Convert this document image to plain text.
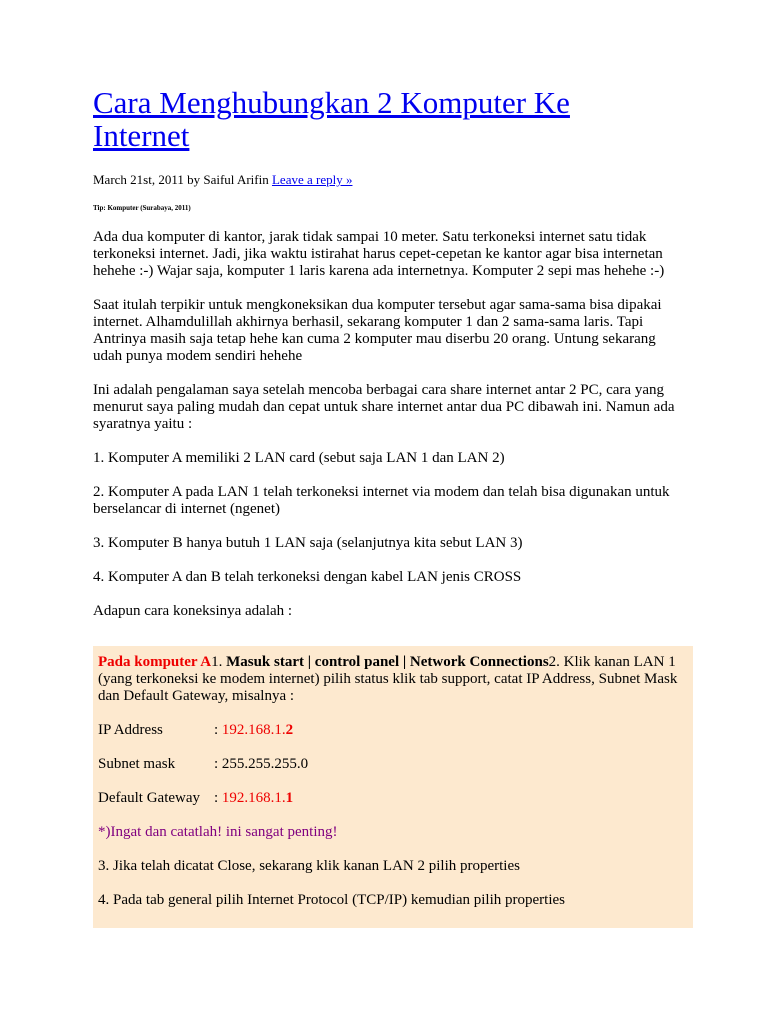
Cara Menghubungkan 2 Komputer Ke Internet
March 21st, 2011 by Saiful Arifin Leave a reply »
Tip: Komputer (Surabaya, 2011)

Ada dua komputer di kantor, jarak tidak sampai 10 meter. Satu terkoneksi internet satu tidak terkoneksi internet. Jadi, jika waktu istirahat harus cepet-cepetan ke kantor agar bisa internetan hehehe :-) Wajar saja, komputer 1 laris karena ada internetnya. Komputer 2 sepi mas hehehe :-)

Saat itulah terpikir untuk mengkoneksikan dua komputer tersebut agar sama-sama bisa dipakai internet. Alhamdulillah akhirnya berhasil, sekarang komputer 1 dan 2 sama-sama laris. Tapi Antrinya masih saja tetap hehe kan cuma 2 komputer mau diserbu 20 orang. Untung sekarang udah punya modem sendiri hehehe

Ini adalah pengalaman saya setelah mencoba berbagai cara share internet antar 2 PC, cara yang menurut saya paling mudah dan cepat untuk share internet antar dua PC dibawah ini. Namun ada syaratnya yaitu :

1. Komputer A memiliki 2 LAN card (sebut saja LAN 1 dan LAN 2)

2. Komputer A pada LAN 1 telah terkoneksi internet via modem dan telah bisa digunakan untuk berselancar di internet (ngenet)

3. Komputer B hanya butuh 1 LAN saja (selanjutnya kita sebut LAN 3)

4. Komputer A dan B telah terkoneksi dengan kabel LAN jenis CROSS

Adapun cara koneksinya adalah :

Pada komputer A1. Masuk start | control panel | Network Connections2. Klik kanan LAN 1 (yang terkoneksi ke modem internet) pilih status klik tab support, catat IP Address, Subnet Mask dan Default Gateway, misalnya :

IP Address	: 192.168.1.2

Subnet mask	: 255.255.255.0

Default Gateway : 192.168.1.1

*)Ingat dan catatlah! ini sangat penting!

3. Jika telah dicatat Close, sekarang klik kanan LAN 2 pilih properties

4. Pada tab general pilih Internet Protocol (TCP/IP) kemudian pilih properties
